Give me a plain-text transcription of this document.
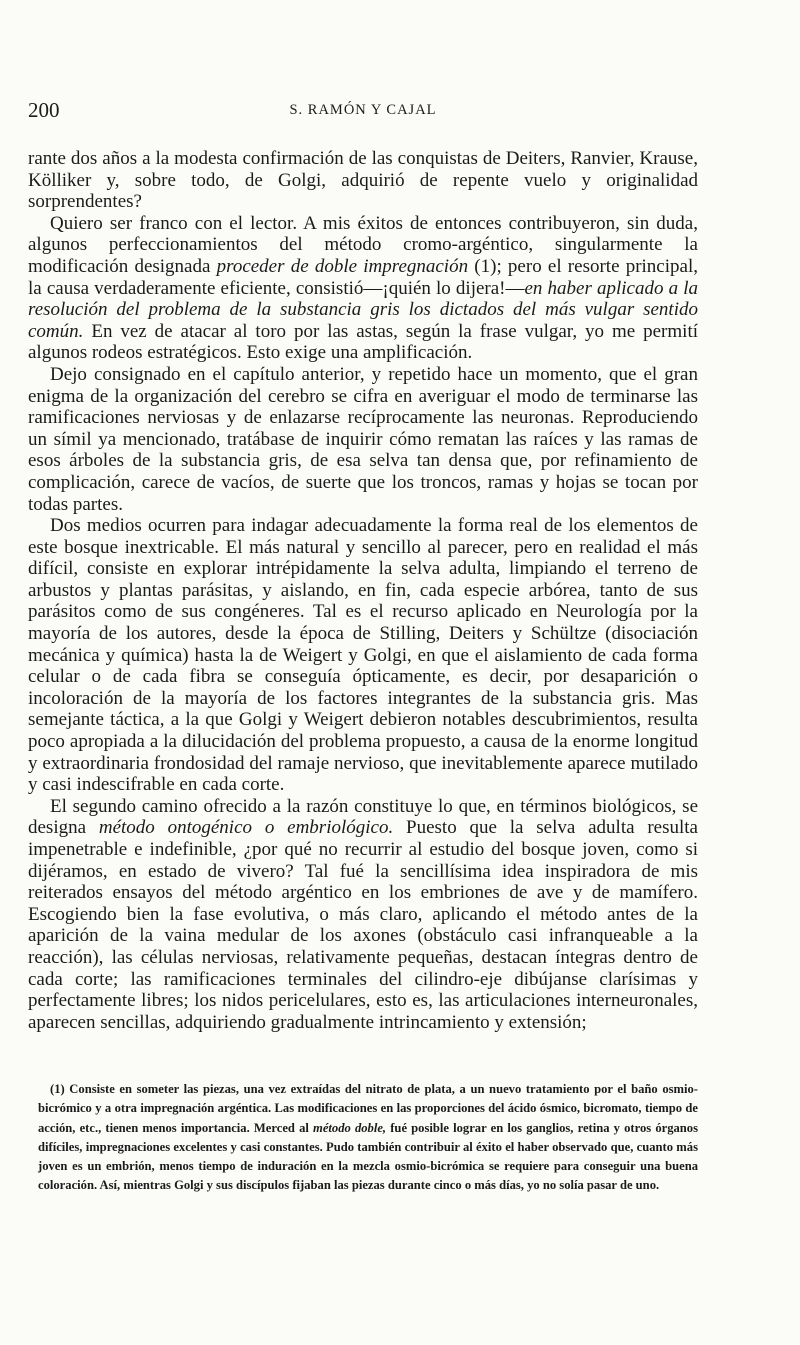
200	S. RAMÓN Y CAJAL

rante dos años a la modesta confirmación de las conquistas de Deiters, Ranvier, Krause, Kölliker y, sobre todo, de Golgi, adquirió de repente vuelo y originalidad sorprendentes?

Quiero ser franco con el lector. A mis éxitos de entonces contribuyeron, sin duda, algunos perfeccionamientos del método cromo-argéntico, singularmente la modificación designada proceder de doble impregnación (1); pero el resorte principal, la causa verdaderamente eficiente, consistió—¡quién lo dijera!—en haber aplicado a la resolución del problema de la substancia gris los dictados del más vulgar sentido común. En vez de atacar al toro por las astas, según la frase vulgar, yo me permití algunos rodeos estratégicos. Esto exige una amplificación.

Dejo consignado en el capítulo anterior, y repetido hace un momento, que el gran enigma de la organización del cerebro se cifra en averiguar el modo de terminarse las ramificaciones nerviosas y de enlazarse recíprocamente las neuronas. Reproduciendo un símil ya mencionado, tratábase de inquirir cómo rematan las raíces y las ramas de esos árboles de la substancia gris, de esa selva tan densa que, por refinamiento de complicación, carece de vacíos, de suerte que los troncos, ramas y hojas se tocan por todas partes.

Dos medios ocurren para indagar adecuadamente la forma real de los elementos de este bosque inextricable. El más natural y sencillo al parecer, pero en realidad el más difícil, consiste en explorar intrépidamente la selva adulta, limpiando el terreno de arbustos y plantas parásitas, y aislando, en fin, cada especie arbórea, tanto de sus parásitos como de sus congéneres. Tal es el recurso aplicado en Neurología por la mayoría de los autores, desde la época de Stilling, Deiters y Schültze (disociación mecánica y química) hasta la de Weigert y Golgi, en que el aislamiento de cada forma celular o de cada fibra se conseguía ópticamente, es decir, por desaparición o incoloración de la mayoría de los factores integrantes de la substancia gris. Mas semejante táctica, a la que Golgi y Weigert debieron notables descubrimientos, resulta poco apropiada a la dilucidación del problema propuesto, a causa de la enorme longitud y extraordinaria frondosidad del ramaje nervioso, que inevitablemente aparece mutilado y casi indescifrable en cada corte.

El segundo camino ofrecido a la razón constituye lo que, en términos biológicos, se designa método ontogénico o embriológico. Puesto que la selva adulta resulta impenetrable e indefinible, ¿por qué no recurrir al estudio del bosque joven, como si dijéramos, en estado de vivero? Tal fué la sencillísima idea inspiradora de mis reiterados ensayos del método argéntico en los embriones de ave y de mamífero. Escogiendo bien la fase evolutiva, o más claro, aplicando el método antes de la aparición de la vaina medular de los axones (obstáculo casi infranqueable a la reacción), las células nerviosas, relativamente pequeñas, destacan íntegras dentro de cada corte; las ramificaciones terminales del cilindro-eje dibújanse clarísimas y perfectamente libres; los nidos pericelulares, esto es, las articulaciones interneuronales, aparecen sencillas, adquiriendo gradualmente intrincamiento y extensión;

(1) Consiste en someter las piezas, una vez extraídas del nitrato de plata, a un nuevo tratamiento por el baño osmio-bicrómico y a otra impregnación argéntica. Las modificaciones en las proporciones del ácido ósmico, bicromato, tiempo de acción, etc., tienen menos importancia. Merced al método doble, fué posible lograr en los ganglios, retina y otros órganos difíciles, impregnaciones excelentes y casi constantes. Pudo también contribuir al éxito el haber observado que, cuanto más joven es un embrión, menos tiempo de induración en la mezcla osmio-bicrómica se requiere para conseguir una buena coloración. Así, mientras Golgi y sus discípulos fijaban las piezas durante cinco o más días, yo no solía pasar de uno.
